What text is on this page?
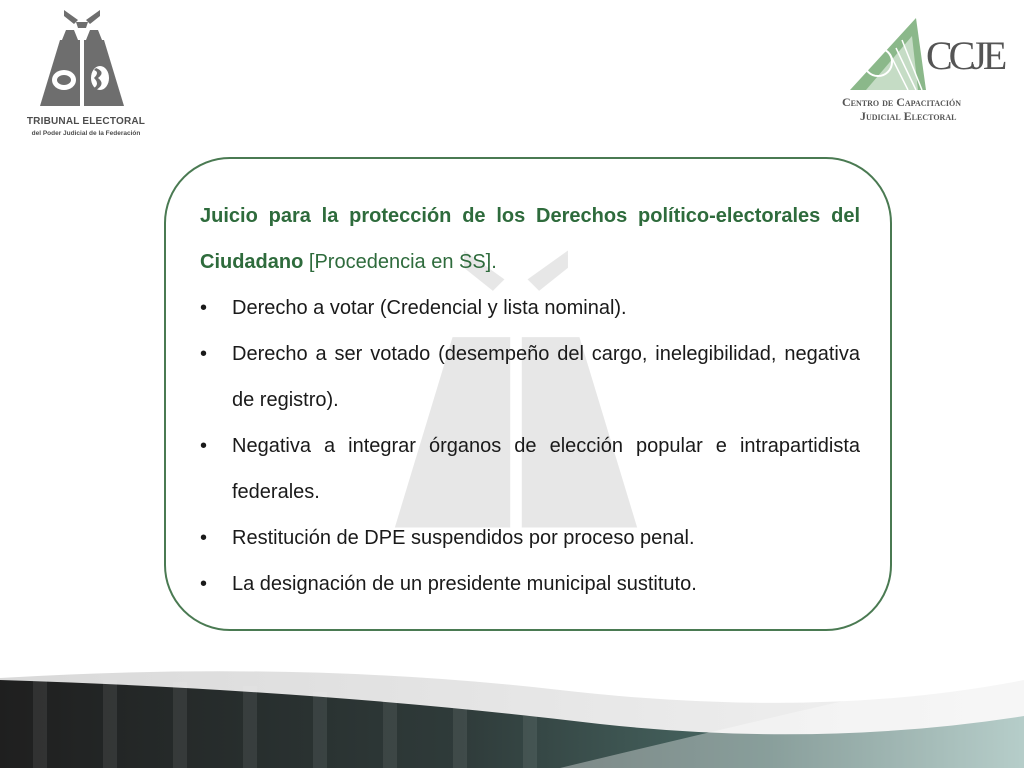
TRIBUNAL ELECTORAL
del Poder Judicial de la Federación
CCJE
Centro de Capacitación
Judicial Electoral
Juicio para la protección de los Derechos político-electorales del Ciudadano [Procedencia en SS].
• Derecho a votar (Credencial y lista nominal).
• Derecho a ser votado (desempeño del cargo, inelegibilidad, negativa de registro).
• Negativa a integrar órganos de elección popular e intrapartidista federales.
• Restitución de DPE suspendidos por proceso penal.
• La designación de un presidente municipal sustituto.
